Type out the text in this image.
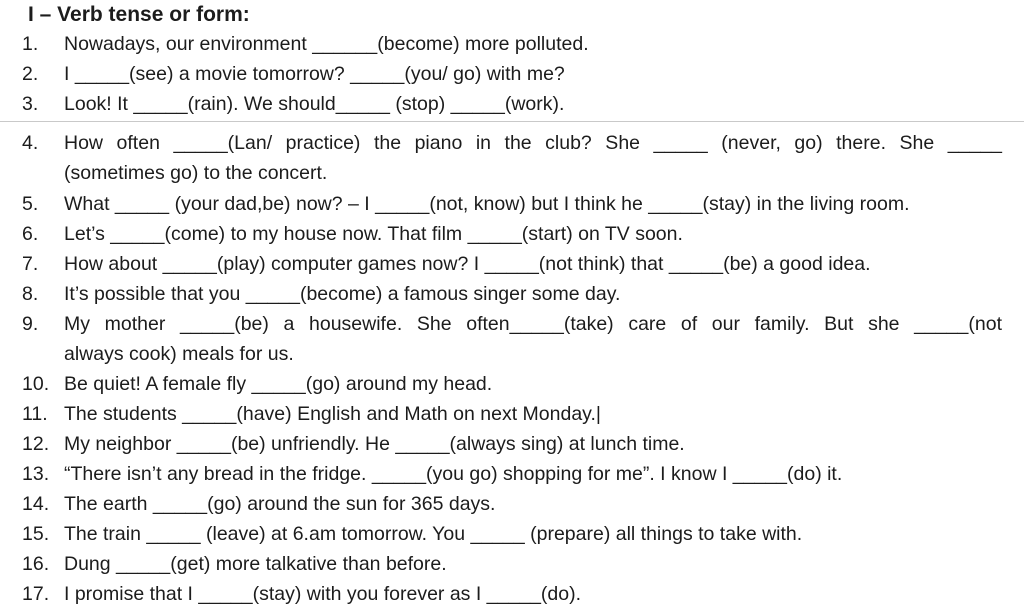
I – Verb tense or form:
1.	Nowadays, our environment ______(become) more polluted.
2.	I _____(see) a movie tomorrow? _____(you/ go) with me?
3.	Look! It _____(rain). We should_____ (stop) _____(work).
4.	How often _____(Lan/ practice) the piano in the club? She _____ (never, go) there. She _____
(sometimes go) to the concert.
5.	What _____ (your dad,be) now? – I _____(not, know) but I think he _____(stay) in the living room.
6.	Let’s _____(come) to my house now. That film _____(start) on TV soon.
7.	How about _____(play) computer games now? I _____(not think) that _____(be) a good idea.
8.	It’s possible that you _____(become) a famous singer some day.
9.	My mother _____(be) a housewife. She often_____(take) care of our family. But she _____(not
always cook) meals for us.
10. Be quiet! A female fly _____(go) around my head.
11. The students _____(have) English and Math on next Monday.|
12. My neighbor _____(be) unfriendly. He _____(always sing) at lunch time.
13. “There isn’t any bread in the fridge. _____(you go) shopping for me”. I know I _____(do) it.
14. The earth _____(go) around the sun for 365 days.
15. The train _____ (leave) at 6.am tomorrow. You _____ (prepare) all things to take with.
16. Dung _____(get) more talkative than before.
17. I promise that I _____(stay) with you forever as I _____(do).
